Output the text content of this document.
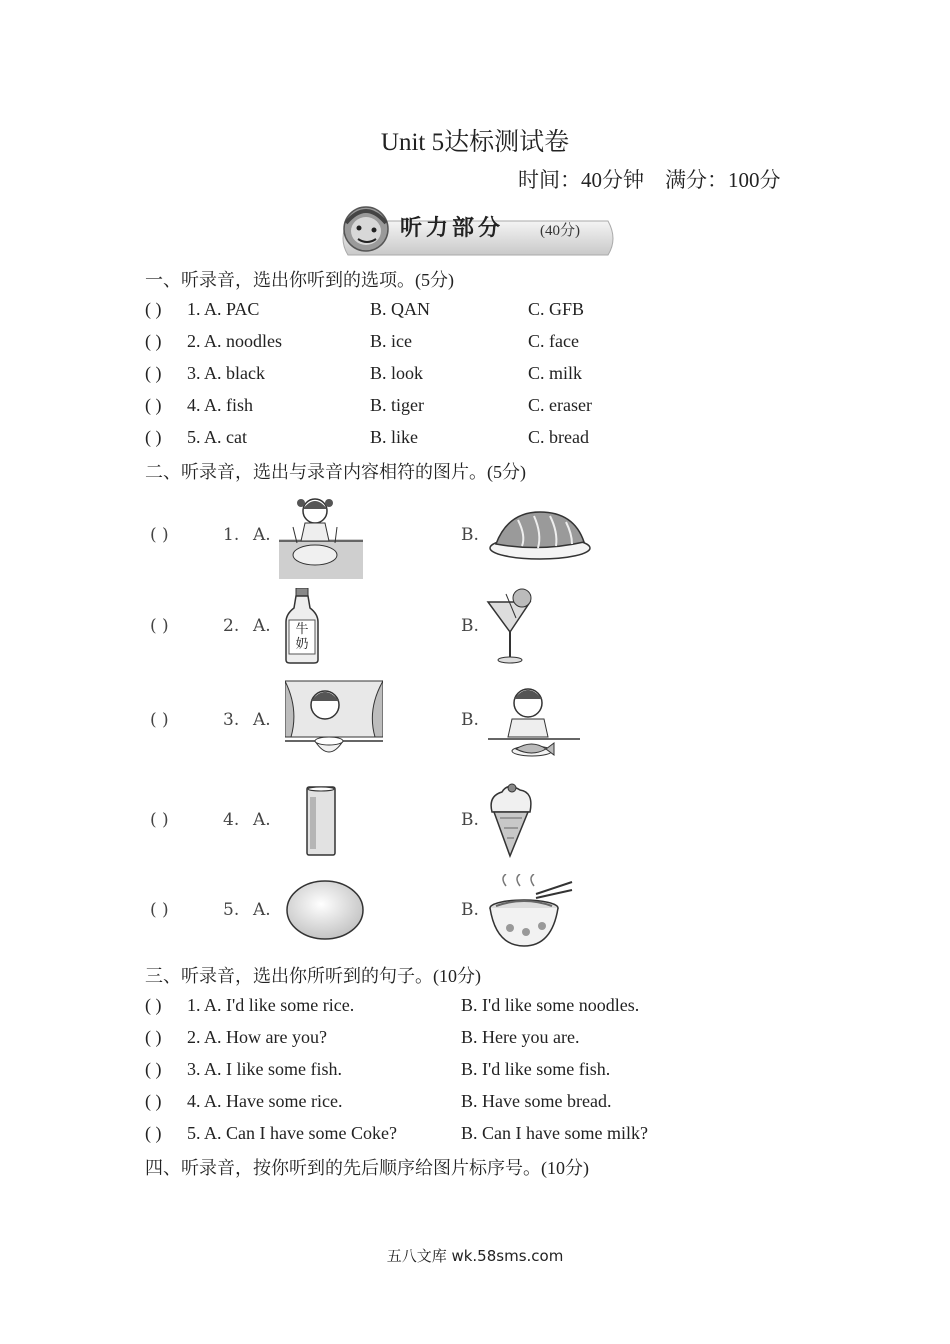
Unit 5达标测试卷
时间：40分钟    满分：100分
听力部分 (40分)
一、听录音，选出你听到的选项。(5分)
( ) 1. A. PAC	B. QAN	C. GFB
( ) 2. A. noodles	B. ice	C. face
( ) 3. A. black	B. look	C. milk
( ) 4. A. fish	B. tiger	C. eraser
( ) 5. A. cat	B. like	C. bread
二、听录音，选出与录音内容相符的图片。(5分)
( )	1. A.	B.
( )	2. A.	B.
牛奶
( )	3. A.	B.
( )	4. A.	B.
( )	5. A.	B.
三、听录音，选出你所听到的句子。(10分)
( ) 1. A. I'd like some rice.	B. I'd like some noodles.
( ) 2. A. How are you?	B. Here you are.
( ) 3. A. I like some fish.	B. I'd like some fish.
( ) 4. A. Have some rice.	B. Have some bread.
( ) 5. A. Can I have some Coke?	B. Can I have some milk?
四、听录音，按你听到的先后顺序给图片标序号。(10分)
五八文库 wk.58sms.com
